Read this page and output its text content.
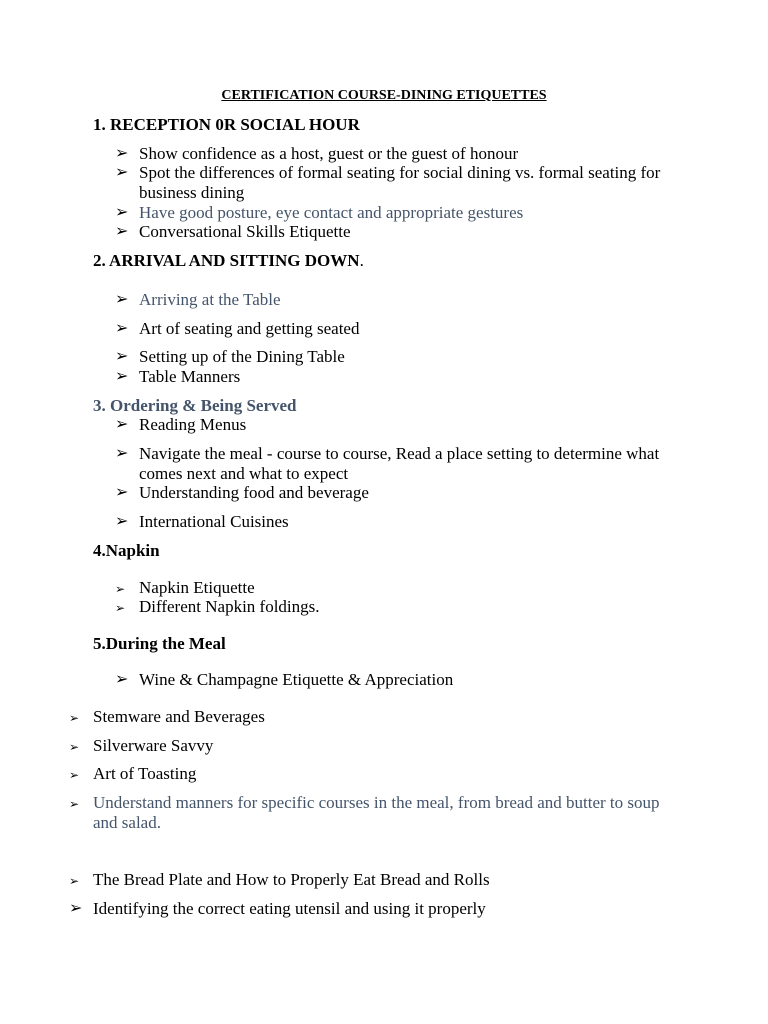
CERTIFICATION COURSE-DINING ETIQUETTES
1. RECEPTION 0R SOCIAL HOUR
➢ Show confidence as a host, guest or the guest of honour
➢ Spot the differences of formal seating for social dining vs. formal seating for business dining
➢ Have good posture, eye contact and appropriate gestures
➢ Conversational Skills Etiquette
2. ARRIVAL AND SITTING DOWN.
➢ Arriving at the Table
➢ Art of seating and getting seated
➢ Setting up of the Dining Table
➢ Table Manners
3. Ordering & Being Served
➢ Reading Menus
➢ Navigate the meal - course to course, Read a place setting to determine what comes next and what to expect
➢ Understanding food and beverage
➢ International Cuisines
4.Napkin
➢ Napkin Etiquette
➢ Different Napkin foldings.
5.During the Meal
➢ Wine & Champagne Etiquette & Appreciation
➢ Stemware and Beverages
➢ Silverware Savvy
➢ Art of Toasting
➢ Understand manners for specific courses in the meal, from bread and butter to soup and salad.
➢ The Bread Plate and How to Properly Eat Bread and Rolls
➢ Identifying the correct eating utensil and using it properly
